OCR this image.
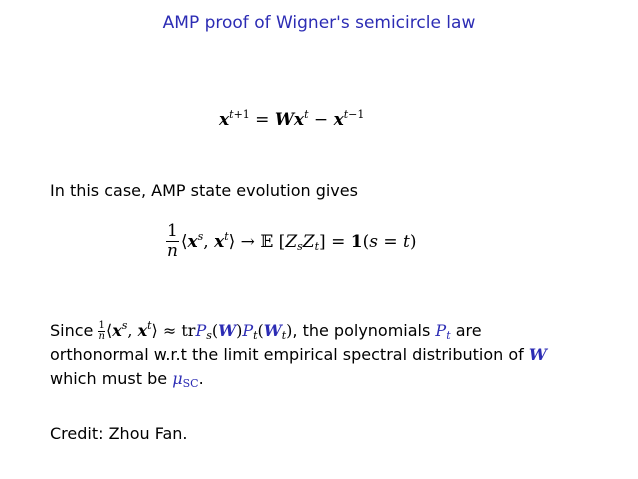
AMP proof of Wigner's semicircle law
$x^{t+1} = Wx^t - x^{t-1}$
In this case, AMP state evolution gives
$\frac{1}{n}$ $⟨x^s$, $x^t⟩$ → 𝔼 $[Z_sZ_t] = 1(s = t)$
Since $\frac{1}{n}$ $⟨x^s$, $x^t⟩ \approx trP_s(W)P_t(W_t)$, the polynomials $P_t$ are
orthonormal w.r.t the limit empirical spectral distribution of W
which must be $\mu_{SC}$.
Credit: Zhou Fan.
